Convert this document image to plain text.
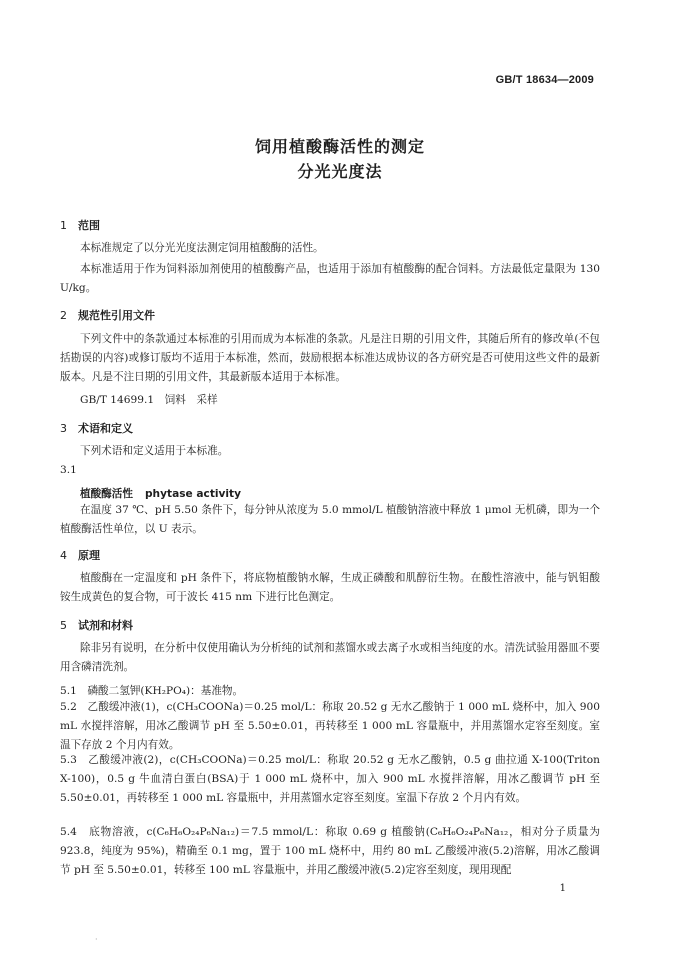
GB/T 18634—2009
饲用植酸酶活性的测定
分光光度法
1 范围
本标准规定了以分光光度法测定饲用植酸酶的活性。
本标准适用于作为饲料添加剂使用的植酸酶产品，也适用于添加有植酸酶的配合饲料。方法最低定量限为 130 U/kg。
2 规范性引用文件
下列文件中的条款通过本标准的引用而成为本标准的条款。凡是注日期的引用文件，其随后所有的修改单(不包括勘误的内容)或修订版均不适用于本标准，然而，鼓励根据本标准达成协议的各方研究是否可使用这些文件的最新版本。凡是不注日期的引用文件，其最新版本适用于本标准。
GB/T 14699.1　饲料　采样
3 术语和定义
下列术语和定义适用于本标准。
3.1
植酸酶活性 phytase activity
在温度 37 ℃、pH 5.50 条件下，每分钟从浓度为 5.0 mmol/L 植酸钠溶液中释放 1 μmol 无机磷，即为一个植酸酶活性单位，以 U 表示。
4 原理
植酸酶在一定温度和 pH 条件下，将底物植酸钠水解，生成正磷酸和肌醇衍生物。在酸性溶液中，能与钒钼酸铵生成黄色的复合物，可于波长 415 nm 下进行比色测定。
5 试剂和材料
除非另有说明，在分析中仅使用确认为分析纯的试剂和蒸馏水或去离子水或相当纯度的水。清洗试验用器皿不要用含磷清洗剂。
5.1　磷酸二氢钾(KH₂PO₄)：基准物。
5.2　乙酸缓冲液(1)，c(CH₃COONa)＝0.25 mol/L：称取 20.52 g 无水乙酸钠于 1 000 mL 烧杯中，加入 900 mL 水搅拌溶解，用冰乙酸调节 pH 至 5.50±0.01，再转移至 1 000 mL 容量瓶中，并用蒸馏水定容至刻度。室温下存放 2 个月内有效。
5.3　乙酸缓冲液(2)，c(CH₃COONa)＝0.25 mol/L：称取 20.52 g 无水乙酸钠，0.5 g 曲拉通 X-100(Triton X-100)，0.5 g 牛血清白蛋白(BSA)于 1 000 mL 烧杯中，加入 900 mL 水搅拌溶解，用冰乙酸调节 pH 至 5.50±0.01，再转移至 1 000 mL 容量瓶中，并用蒸馏水定容至刻度。室温下存放 2 个月内有效。
5.4　底物溶液，c(C₆H₆O₂₄P₆Na₁₂)＝7.5 mmol/L：称取 0.69 g 植酸钠(C₆H₆O₂₄P₆Na₁₂，相对分子质量为 923.8，纯度为 95%)，精确至 0.1 mg，置于 100 mL 烧杯中，用约 80 mL 乙酸缓冲液(5.2)溶解，用冰乙酸调节 pH 至 5.50±0.01，转移至 100 mL 容量瓶中，并用乙酸缓冲液(5.2)定容至刻度，现用现配
1
·
